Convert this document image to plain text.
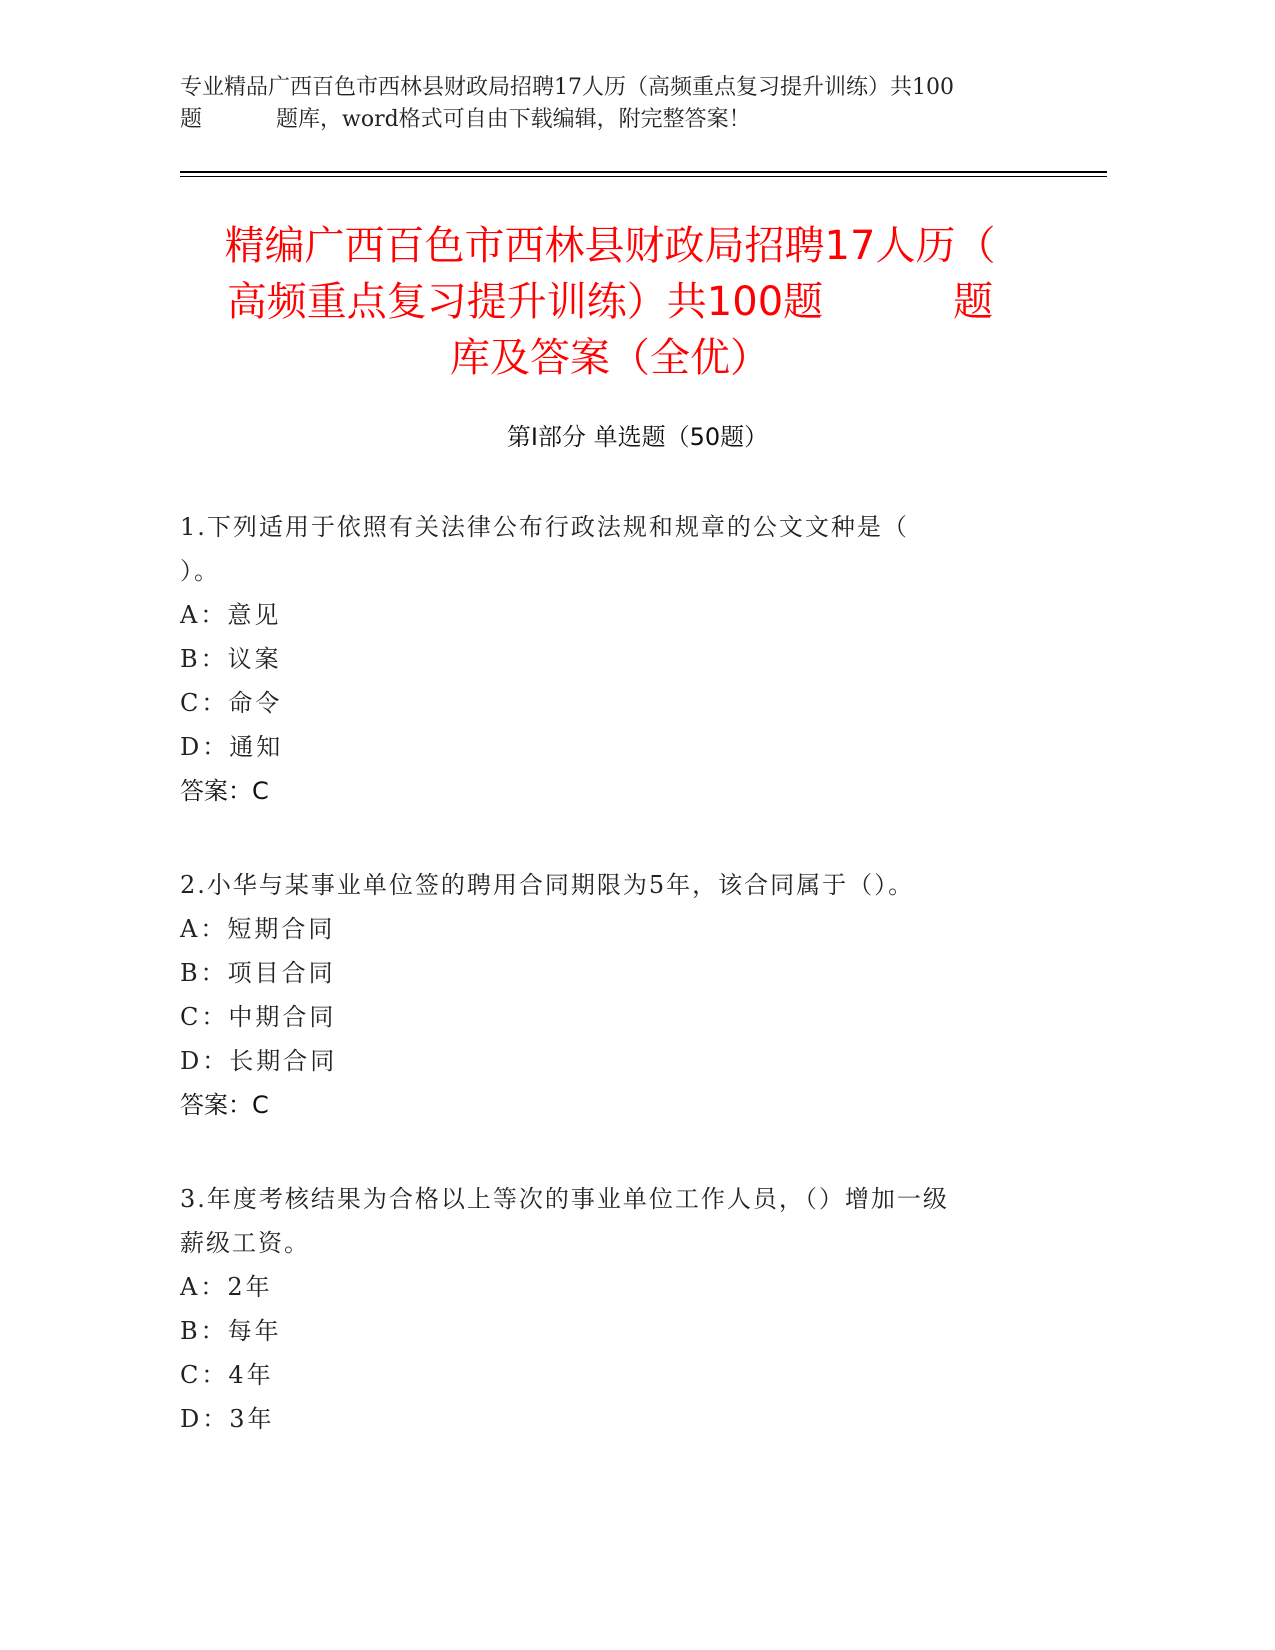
专业精品广西百色市西林县财政局招聘17人历（高频重点复习提升训练）共100
题	题库，word格式可自由下载编辑，附完整答案！
精编广西百色市西林县财政局招聘17人历（
高频重点复习提升训练）共100题	题
库及答案（全优）
第I部分 单选题（50题）
1.下列适用于依照有关法律公布行政法规和规章的公文文种是（
）。
A：意见
B：议案
C：命令
D：通知
答案：C
2.小华与某事业单位签的聘用合同期限为5年，该合同属于（）。
A：短期合同
B：项目合同
C：中期合同
D：长期合同
答案：C
3.年度考核结果为合格以上等次的事业单位工作人员，（）增加一级
薪级工资。
A：2年
B：每年
C：4年
D：3年
